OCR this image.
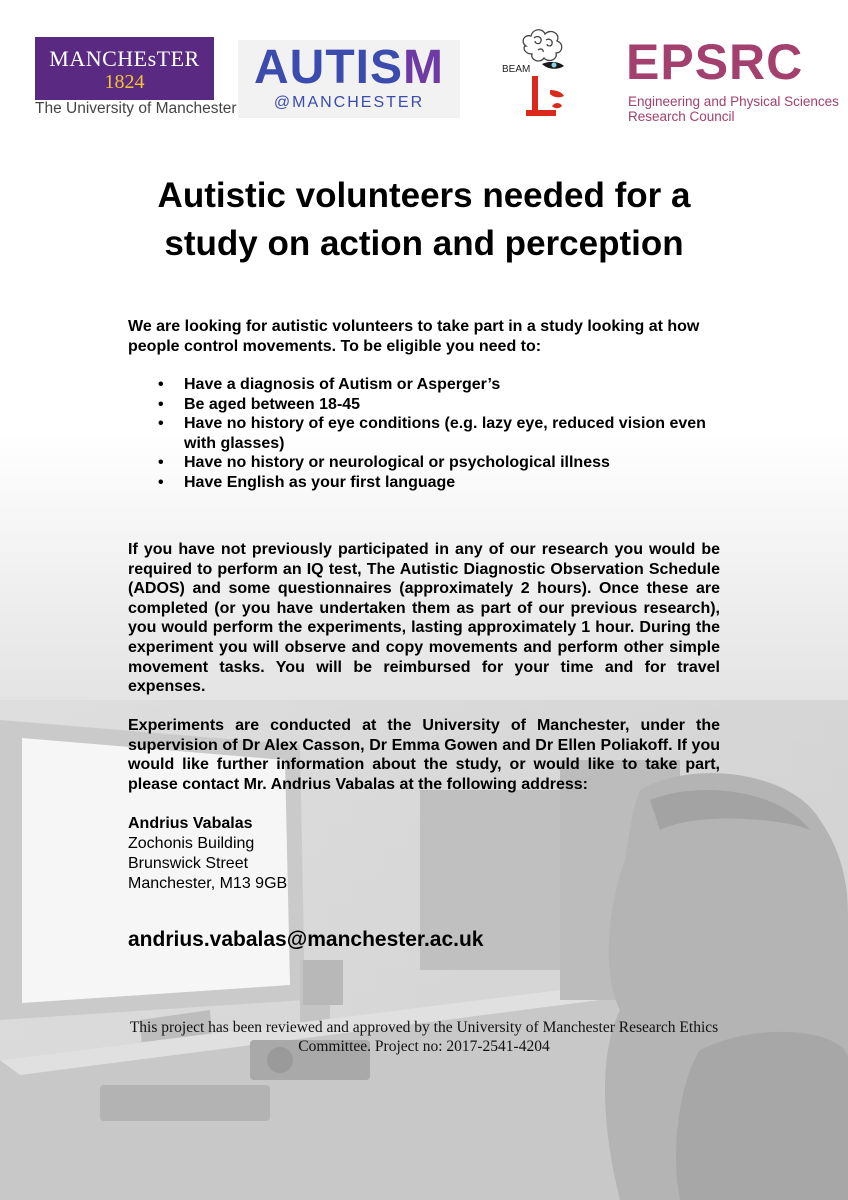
MANCHEsTER
1824
The University of Manchester
AUTISM
@MANCHESTER
BEAM EPSRC
Engineering and Physical Sciences
Research Council
Autistic volunteers needed for a
study on action and perception
We are looking for autistic volunteers to take part in a study looking at how people control movements. To be eligible you need to:
• Have a diagnosis of Autism or Asperger’s
• Be aged between 18-45
• Have no history of eye conditions (e.g. lazy eye, reduced vision even with glasses)
• Have no history or neurological or psychological illness
• Have English as your first language
If you have not previously participated in any of our research you would be required to perform an IQ test, The Autistic Diagnostic Observation Schedule (ADOS) and some questionnaires (approximately 2 hours). Once these are completed (or you have undertaken them as part of our previous research), you would perform the experiments, lasting approximately 1 hour. During the experiment you will observe and copy movements and perform other simple movement tasks. You will be reimbursed for your time and for travel expenses.
Experiments are conducted at the University of Manchester, under the supervision of Dr Alex Casson, Dr Emma Gowen and Dr Ellen Poliakoff. If you would like further information about the study, or would like to take part, please contact Mr. Andrius Vabalas at the following address:
Andrius Vabalas
Zochonis Building
Brunswick Street
Manchester, M13 9GB
andrius.vabalas@manchester.ac.uk
This project has been reviewed and approved by the University of Manchester Research Ethics
Committee. Project no: 2017-2541-4204
